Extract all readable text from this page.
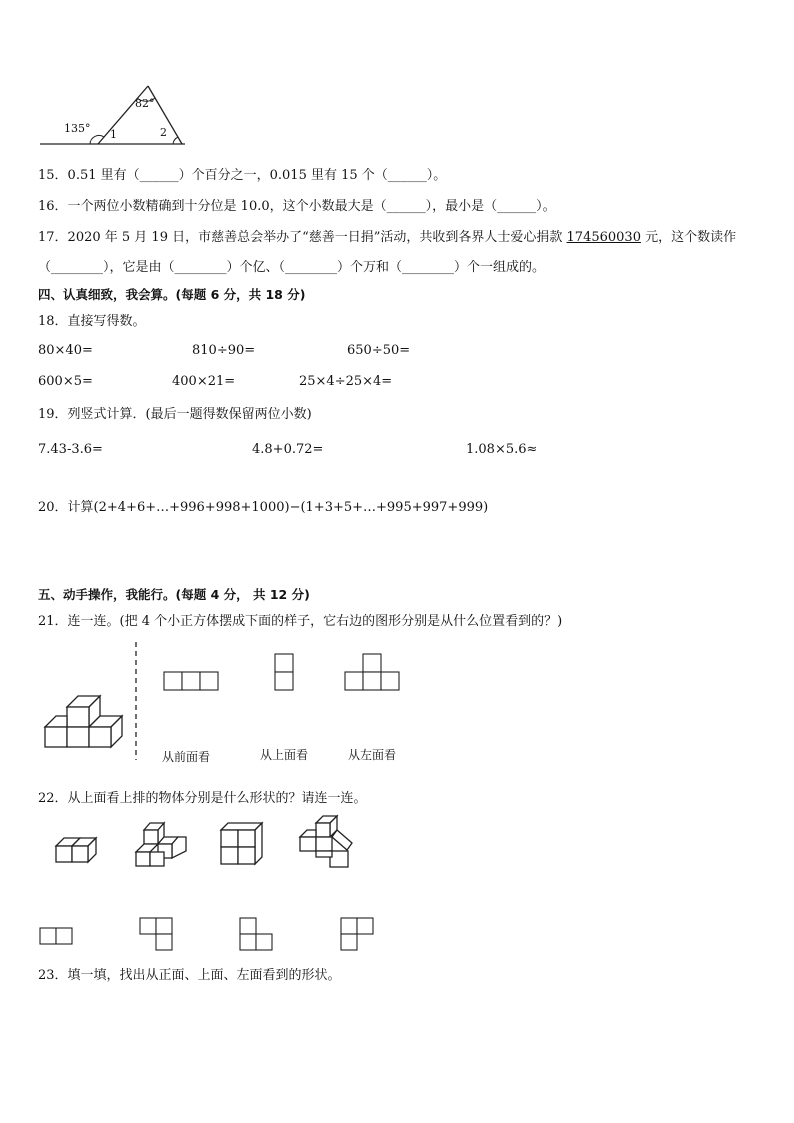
135°
82°
1	2
15．0.51 里有（______）个百分之一，0.015 里有 15 个（______）。
16．一个两位小数精确到十分位是 10.0，这个小数最大是（______），最小是（______）。
17．2020 年 5 月 19 日，市慈善总会举办了“慈善一日捐”活动，共收到各界人士爱心捐款 174560030 元，这个数读作
（________），它是由（________）个亿、（________）个万和（________）个一组成的。
四、认真细致，我会算。(每题 6 分，共 18 分)
18．直接写得数。
80×40=	810÷90=	650÷50=
600×5=	400×21=	25×4÷25×4=
19．列竖式计算．(最后一题得数保留两位小数)
7.43-3.6=	4.8+0.72=	1.08×5.6≈
20．计算(2+4+6+…+996+998+1000)−(1+3+5+…+995+997+999)
五、动手操作，我能行。(每题 4 分， 共 12 分)
21．连一连。(把 4 个小正方体摆成下面的样子，它右边的图形分别是从什么位置看到的？)
从前面看	从上面看	从左面看
22．从上面看上排的物体分别是什么形状的？请连一连。
23．填一填，找出从正面、上面、左面看到的形状。
